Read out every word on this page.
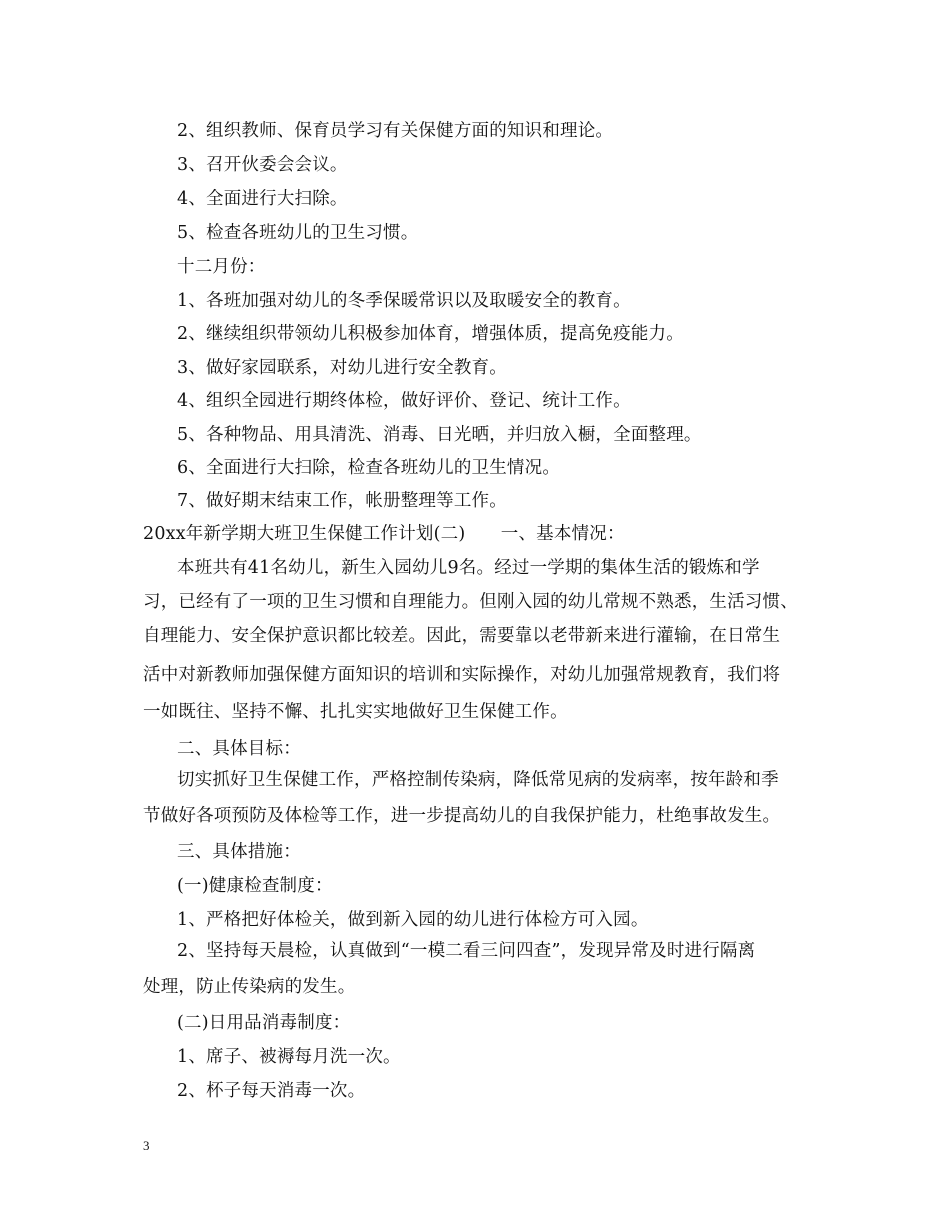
2、组织教师、保育员学习有关保健方面的知识和理论。
3、召开伙委会会议。
4、全面进行大扫除。
5、检查各班幼儿的卫生习惯。
十二月份：
1、各班加强对幼儿的冬季保暖常识以及取暖安全的教育。
2、继续组织带领幼儿积极参加体育，增强体质，提高免疫能力。
3、做好家园联系，对幼儿进行安全教育。
4、组织全园进行期终体检，做好评价、登记、统计工作。
5、各种物品、用具清洗、消毒、日光晒，并归放入橱，全面整理。
6、全面进行大扫除，检查各班幼儿的卫生情况。
7、做好期末结束工作，帐册整理等工作。
20xx年新学期大班卫生保健工作计划(二)　　一、基本情况：
本班共有41名幼儿，新生入园幼儿9名。经过一学期的集体生活的锻炼和学
习，已经有了一项的卫生习惯和自理能力。但刚入园的幼儿常规不熟悉，生活习惯、
自理能力、安全保护意识都比较差。因此，需要靠以老带新来进行灌输，在日常生
活中对新教师加强保健方面知识的培训和实际操作，对幼儿加强常规教育，我们将
一如既往、坚持不懈、扎扎实实地做好卫生保健工作。
二、具体目标：
切实抓好卫生保健工作，严格控制传染病，降低常见病的发病率，按年龄和季
节做好各项预防及体检等工作，进一步提高幼儿的自我保护能力，杜绝事故发生。
三、具体措施：
(一)健康检查制度：
1、严格把好体检关，做到新入园的幼儿进行体检方可入园。
2、坚持每天晨检，认真做到“一模二看三问四查”，发现异常及时进行隔离
处理，防止传染病的发生。
(二)日用品消毒制度：
1、席子、被褥每月洗一次。
2、杯子每天消毒一次。
3
